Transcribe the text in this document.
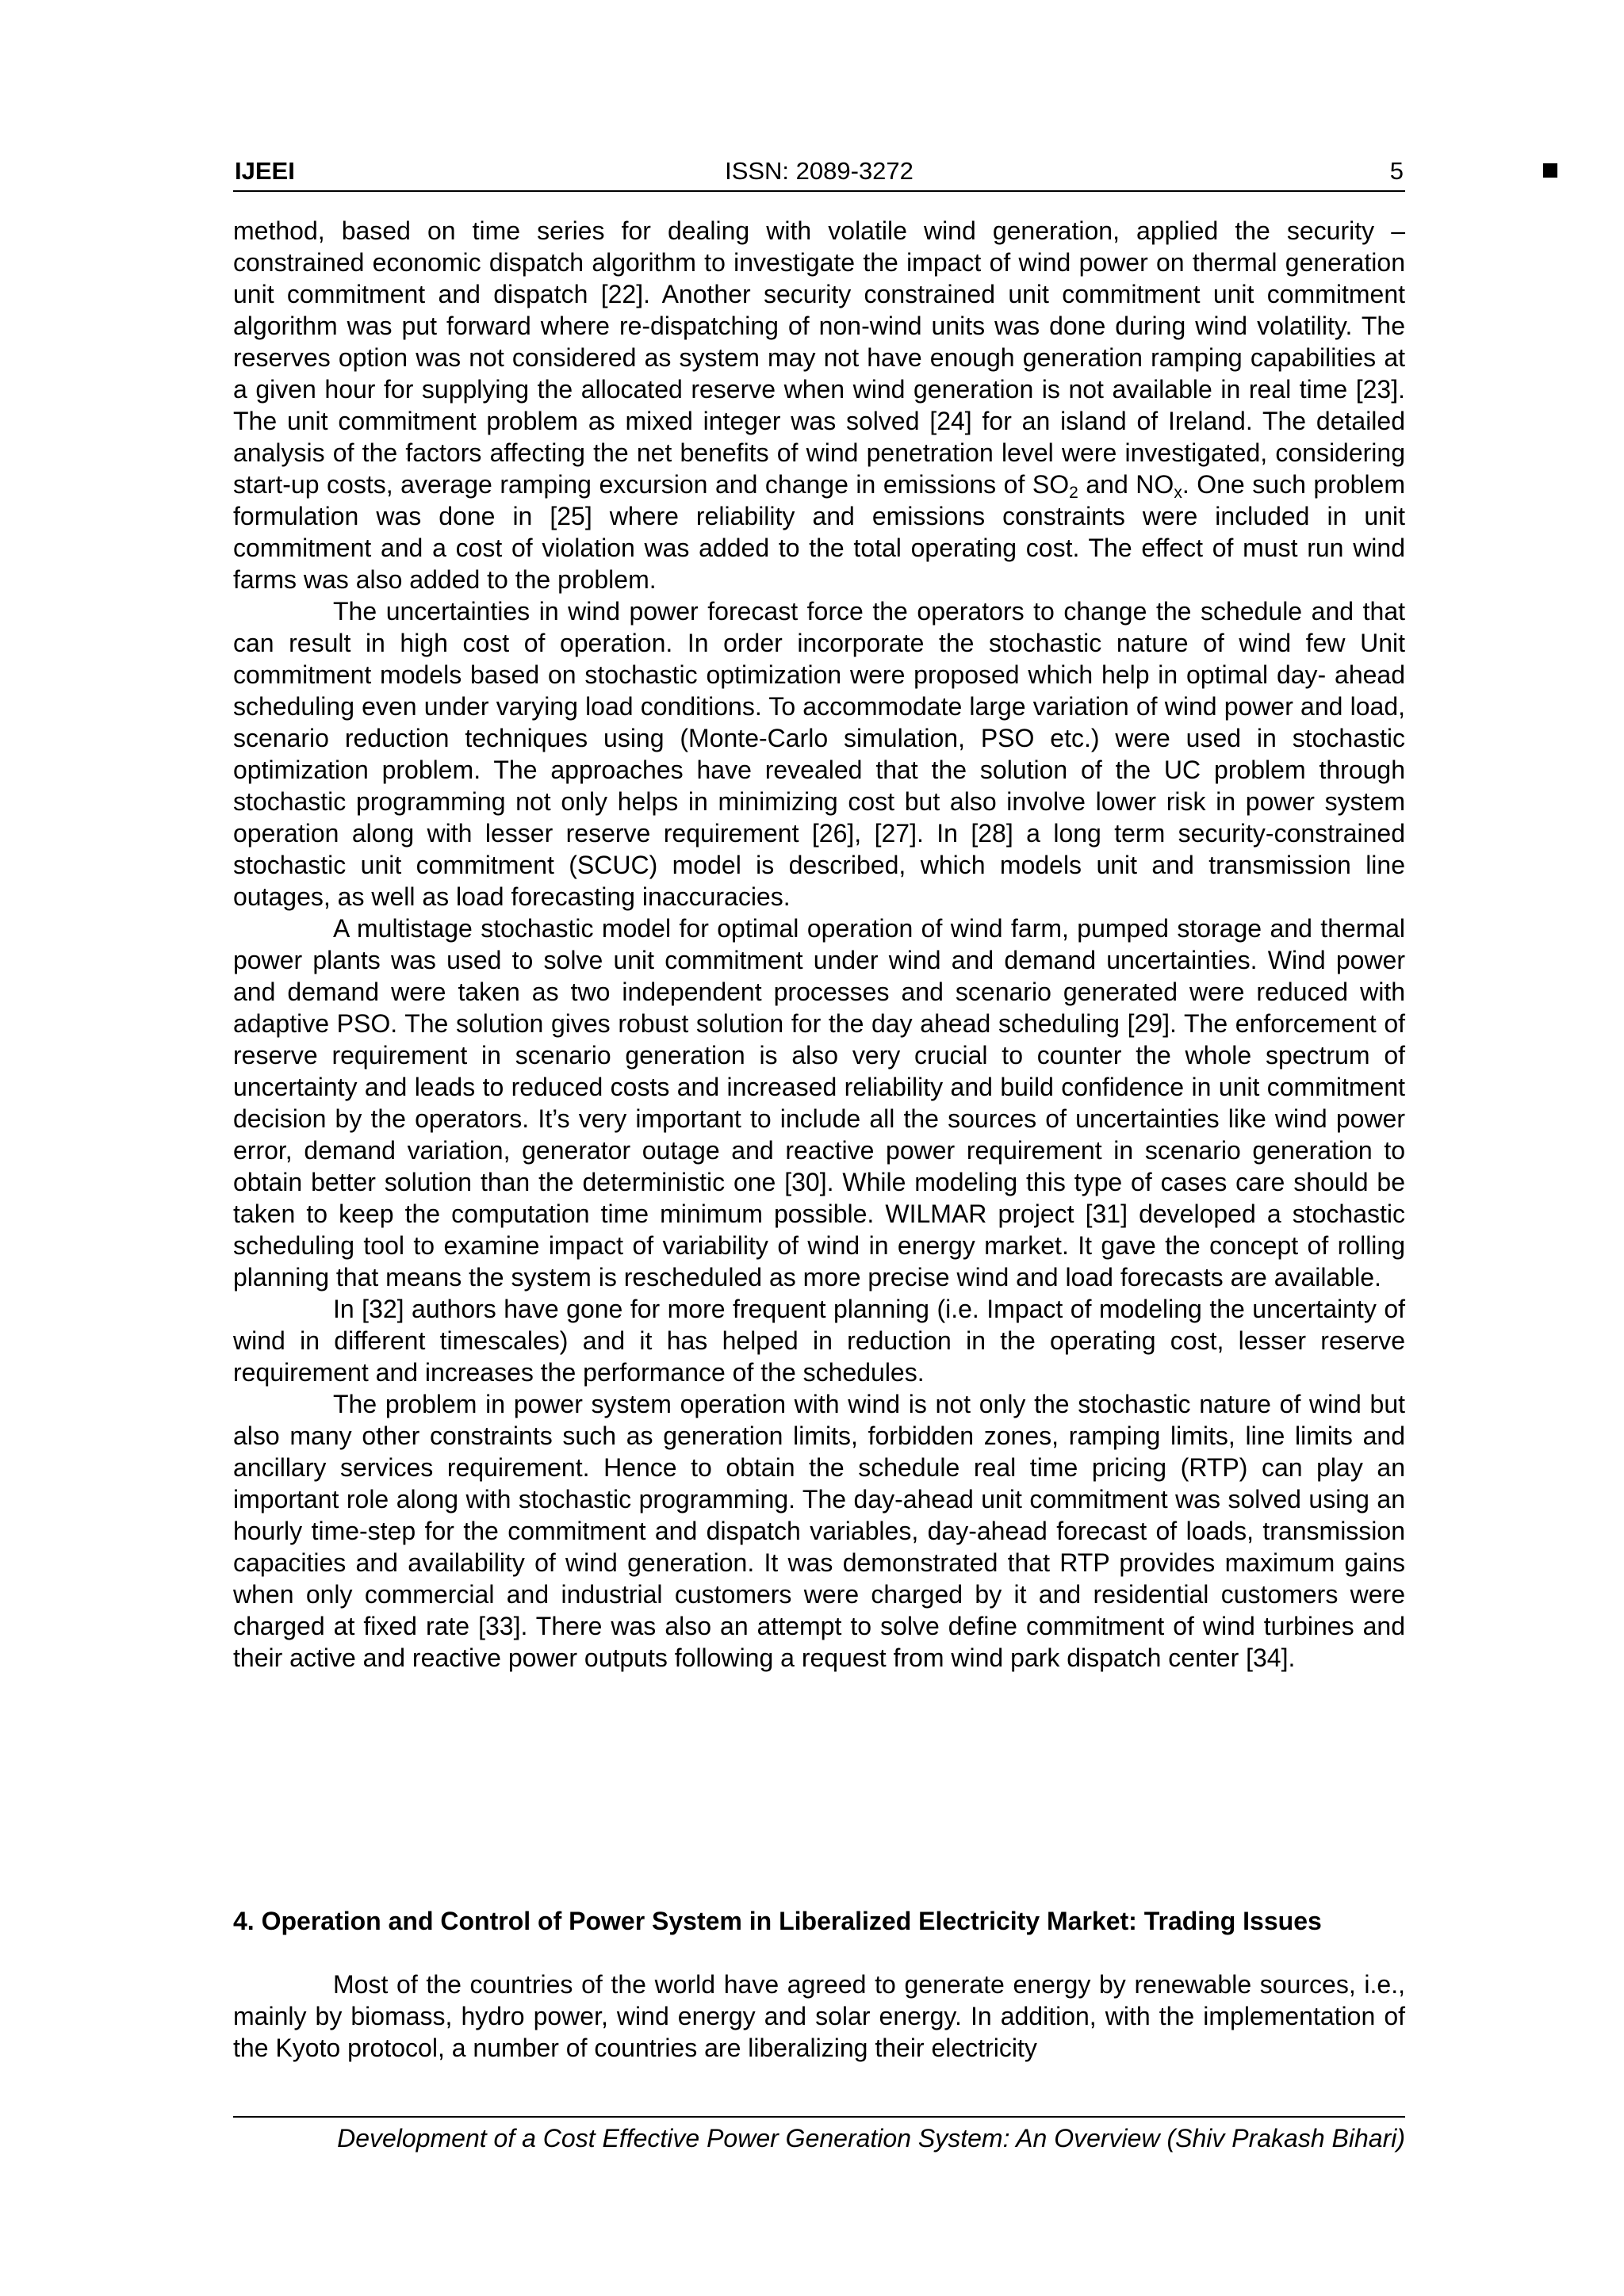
IJEEI	ISSN: 2089-3272	5

method, based on time series for dealing with volatile wind generation, applied the security – constrained economic dispatch algorithm to investigate the impact of wind power on thermal generation unit commitment and dispatch [22]. Another security constrained unit commitment unit commitment algorithm was put forward where re-dispatching of non-wind units was done during wind volatility. The reserves option was not considered as system may not have enough generation ramping capabilities at a given hour for supplying the allocated reserve when wind generation is not available in real time [23]. The unit commitment problem as mixed integer was solved [24] for an island of Ireland. The detailed analysis of the factors affecting the net benefits of wind penetration level were investigated, considering start-up costs, average ramping excursion and change in emissions of $SO_2$ and $NO_x$. One such problem formulation was done in [25] where reliability and emissions constraints were included in unit commitment and a cost of violation was added to the total operating cost. The effect of must run wind farms was also added to the problem.

The uncertainties in wind power forecast force the operators to change the schedule and that can result in high cost of operation. In order incorporate the stochastic nature of wind few Unit commitment models based on stochastic optimization were proposed which help in optimal day- ahead scheduling even under varying load conditions. To accommodate large variation of wind power and load, scenario reduction techniques using (Monte-Carlo simulation, PSO etc.) were used in stochastic optimization problem. The approaches have revealed that the solution of the UC problem through stochastic programming not only helps in minimizing cost but also involve lower risk in power system operation along with lesser reserve requirement [26], [27]. In [28] a long term security-constrained stochastic unit commitment (SCUC) model is described, which models unit and transmission line outages, as well as load forecasting inaccuracies.

A multistage stochastic model for optimal operation of wind farm, pumped storage and thermal power plants was used to solve unit commitment under wind and demand uncertainties. Wind power and demand were taken as two independent processes and scenario generated were reduced with adaptive PSO. The solution gives robust solution for the day ahead scheduling [29]. The enforcement of reserve requirement in scenario generation is also very crucial to counter the whole spectrum of uncertainty and leads to reduced costs and increased reliability and build confidence in unit commitment decision by the operators. It’s very important to include all the sources of uncertainties like wind power error, demand variation, generator outage and reactive power requirement in scenario generation to obtain better solution than the deterministic one [30]. While modeling this type of cases care should be taken to keep the computation time minimum possible. WILMAR project [31] developed a stochastic scheduling tool to examine impact of variability of wind in energy market. It gave the concept of rolling planning that means the system is rescheduled as more precise wind and load forecasts are available.

In [32] authors have gone for more frequent planning (i.e. Impact of modeling the uncertainty of wind in different timescales) and it has helped in reduction in the operating cost, lesser reserve requirement and increases the performance of the schedules.

The problem in power system operation with wind is not only the stochastic nature of wind but also many other constraints such as generation limits, forbidden zones, ramping limits, line limits and ancillary services requirement. Hence to obtain the schedule real time pricing (RTP) can play an important role along with stochastic programming. The day-ahead unit commitment was solved using an hourly time-step for the commitment and dispatch variables, day-ahead forecast of loads, transmission capacities and availability of wind generation. It was demonstrated that RTP provides maximum gains when only commercial and industrial customers were charged by it and residential customers were charged at fixed rate [33]. There was also an attempt to solve define commitment of wind turbines and their active and reactive power outputs following a request from wind park dispatch center [34].

4. Operation and Control of Power System in Liberalized Electricity Market: Trading Issues

Most of the countries of the world have agreed to generate energy by renewable sources, i.e., mainly by biomass, hydro power, wind energy and solar energy. In addition, with the implementation of the Kyoto protocol, a number of countries are liberalizing their electricity

Development of a Cost Effective Power Generation System: An Overview (Shiv Prakash Bihari)
